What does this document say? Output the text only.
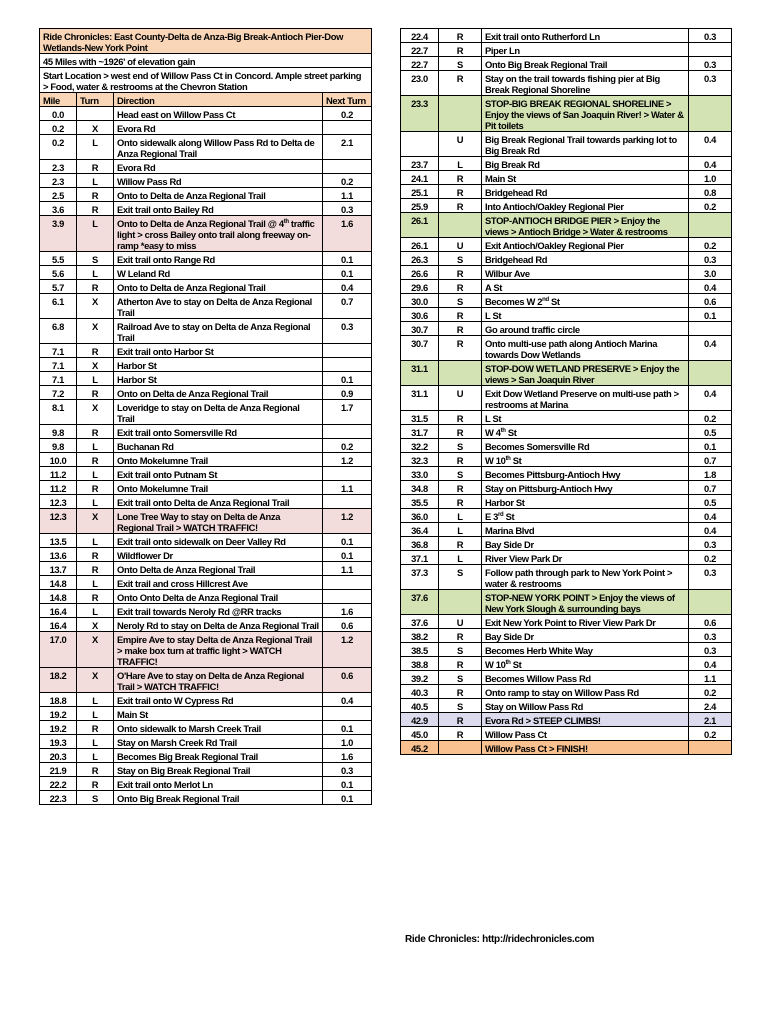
Ride Chronicles: East County-Delta de Anza-Big Break-Antioch Pier-Dow Wetlands-New York Point			
45 Miles with ~1926' of elevation gain			
Start Location > west end of Willow Pass Ct in Concord. Ample street parking > Food, water & restrooms at the Chevron Station			
Mile	Turn	Direction	Next Turn
0.0		Head east on Willow Pass Ct	0.2
0.2	X	Evora Rd	
0.2	L	Onto sidewalk along Willow Pass Rd to Delta de Anza Regional Trail	2.1
2.3	R	Evora Rd	
2.3	L	Willow Pass Rd	0.2
2.5	R	Onto to Delta de Anza Regional Trail	1.1
3.6	R	Exit trail onto Bailey Rd	0.3
3.9	L	Onto to Delta de Anza Regional Trail @ 4th traffic light > cross Bailey onto trail along freeway on-ramp *easy to miss	1.6
5.5	S	Exit trail onto Range Rd	0.1
5.6	L	W Leland Rd	0.1
5.7	R	Onto to Delta de Anza Regional Trail	0.4
6.1	X	Atherton Ave to stay on Delta de Anza Regional Trail	0.7
6.8	X	Railroad Ave to stay on Delta de Anza Regional Trail	0.3
7.1	R	Exit trail onto Harbor St	
7.1	X	Harbor St	
7.1	L	Harbor St	0.1
7.2	R	Onto on Delta de Anza Regional Trail	0.9
8.1	X	Loveridge to stay on Delta de Anza Regional Trail	1.7
9.8	R	Exit trail onto Somersville Rd	
9.8	L	Buchanan Rd	0.2
10.0	R	Onto Mokelumne Trail	1.2
11.2	L	Exit trail onto Putnam St	
11.2	R	Onto Mokelumne Trail	1.1
12.3	L	Exit trail onto Delta de Anza Regional Trail	
12.3	X	Lone Tree Way to stay on Delta de Anza Regional Trail > WATCH TRAFFIC!	1.2
13.5	L	Exit trail onto sidewalk on Deer Valley Rd	0.1
13.6	R	Wildflower Dr	0.1
13.7	R	Onto Delta de Anza Regional Trail	1.1
14.8	L	Exit trail and cross Hillcrest Ave	
14.8	R	Onto Onto Delta de Anza Regional Trail	
16.4	L	Exit trail towards Neroly Rd @RR tracks	1.6
16.4	X	Neroly Rd to stay on Delta de Anza Regional Trail	0.6
17.0	X	Empire Ave to stay Delta de Anza Regional Trail > make box turn at traffic light > WATCH TRAFFIC!	1.2
18.2	X	O'Hare Ave to stay on Delta de Anza Regional Trail > WATCH TRAFFIC!	0.6
18.8	L	Exit trail onto W Cypress Rd	0.4
19.2	L	Main St	
19.2	R	Onto sidewalk to Marsh Creek Trail	0.1
19.3	L	Stay on Marsh Creek Rd Trail	1.0
20.3	L	Becomes Big Break Regional Trail	1.6
21.9	R	Stay on Big Break Regional Trail	0.3
22.2	R	Exit trail onto Merlot Ln	0.1
22.3	S	Onto Big Break Regional Trail	0.1
22.4	R	Exit trail onto Rutherford Ln	0.3
22.7	R	Piper Ln	
22.7	S	Onto Big Break Regional Trail	0.3
23.0	R	Stay on the trail towards fishing pier at Big Break Regional Shoreline	0.3
23.3		STOP-BIG BREAK REGIONAL SHORELINE > Enjoy the views of San Joaquin River! > Water & Pit toilets	
	U	Big Break Regional Trail towards parking lot to Big Break Rd	0.4
23.7	L	Big Break Rd	0.4
24.1	R	Main St	1.0
25.1	R	Bridgehead Rd	0.8
25.9	R	Into Antioch/Oakley Regional Pier	0.2
26.1		STOP-ANTIOCH BRIDGE PIER > Enjoy the views > Antioch Bridge > Water & restrooms	
26.1	U	Exit Antioch/Oakley Regional Pier	0.2
26.3	S	Bridgehead Rd	0.3
26.6	R	Wilbur Ave	3.0
29.6	R	A St	0.4
30.0	S	Becomes W 2nd St	0.6
30.6	R	L St	0.1
30.7	R	Go around traffic circle	
30.7	R	Onto multi-use path along Antioch Marina towards Dow Wetlands	0.4
31.1		STOP-DOW WETLAND PRESERVE > Enjoy the views > San Joaquin River	
31.1	U	Exit Dow Wetland Preserve on multi-use path > restrooms at Marina	0.4
31.5	R	L St	0.2
31.7	R	W 4th St	0.5
32.2	S	Becomes Somersville Rd	0.1
32.3	R	W 10th St	0.7
33.0	S	Becomes Pittsburg-Antioch Hwy	1.8
34.8	R	Stay on Pittsburg-Antioch Hwy	0.7
35.5	R	Harbor St	0.5
36.0	L	E 3rd St	0.4
36.4	L	Marina Blvd	0.4
36.8	R	Bay Side Dr	0.3
37.1	L	River View Park Dr	0.2
37.3	S	Follow path through park to New York Point > water & restrooms	0.3
37.6		STOP-NEW YORK POINT > Enjoy the views of New York Slough & surrounding bays	
37.6	U	Exit New York Point to River View Park Dr	0.6
38.2	R	Bay Side Dr	0.3
38.5	S	Becomes Herb White Way	0.3
38.8	R	W 10th St	0.4
39.2	S	Becomes Willow Pass Rd	1.1
40.3	R	Onto ramp to stay on Willow Pass Rd	0.2
40.5	S	Stay on Willow Pass Rd	2.4
42.9	R	Evora Rd > STEEP CLIMBS!	2.1
45.0	R	Willow Pass Ct	0.2
45.2		Willow Pass Ct > FINISH!	
Ride Chronicles: http://ridechronicles.com
